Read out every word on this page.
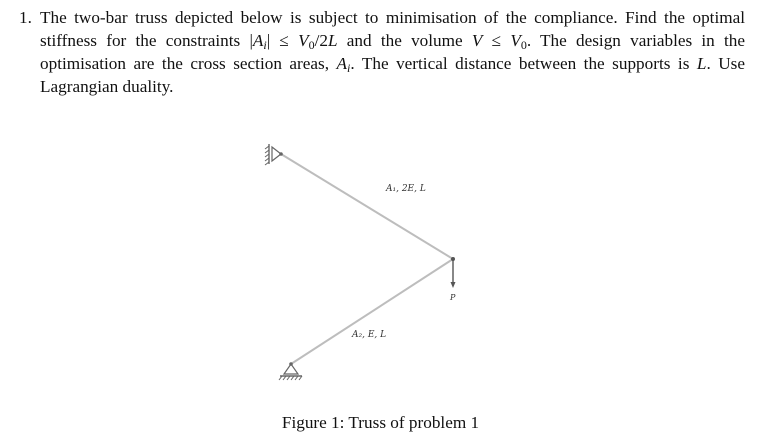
1. The two-bar truss depicted below is subject to minimisation of the compliance. Find the optimal stiffness for the constraints $|A_i| \le V_0/2L$ and the volume $V \le V_0$. The design variables in the optimisation are the cross section areas, $A_i$. The vertical distance between the supports is L. Use Lagrangian duality.
A₁, 2E, L
A₂, E, L
P
Figure 1: Truss of problem 1
